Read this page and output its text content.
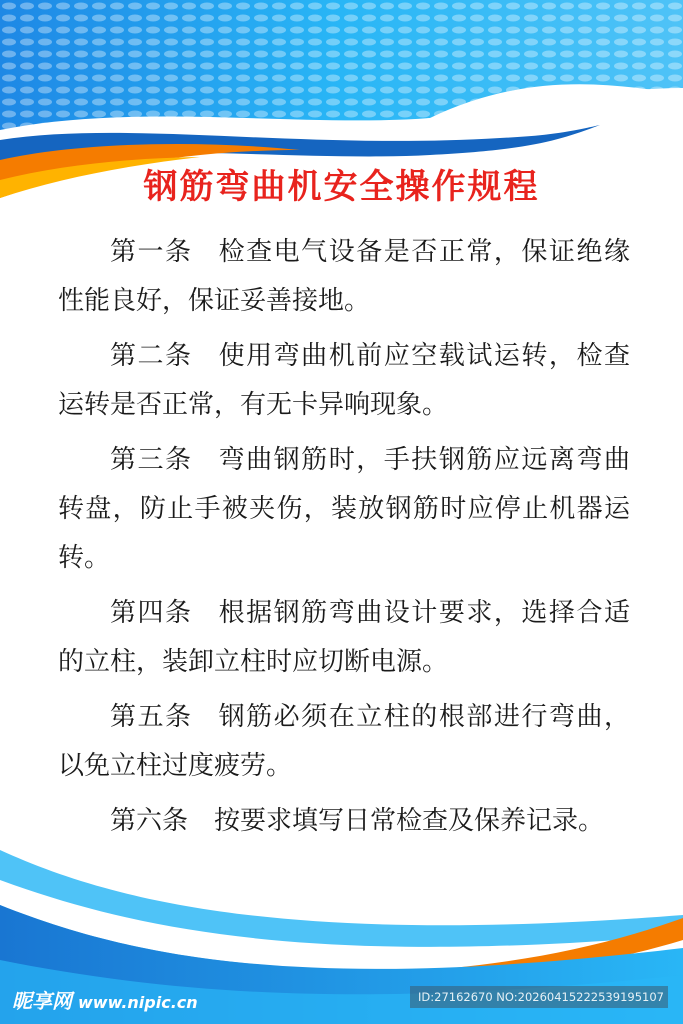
钢筋弯曲机安全操作规程

第一条 检查电气设备是否正常，保证绝缘性能良好，保证妥善接地。

第二条 使用弯曲机前应空载试运转，检查运转是否正常，有无卡异响现象。

第三条 弯曲钢筋时，手扶钢筋应远离弯曲转盘，防止手被夹伤，装放钢筋时应停止机器运转。

第四条 根据钢筋弯曲设计要求，选择合适的立柱，装卸立柱时应切断电源。

第五条 钢筋必须在立柱的根部进行弯曲，以免立柱过度疲劳。

第六条 按要求填写日常检查及保养记录。

昵享网 www.nipic.cn	ID:27162670 NO:20260415222539195107
